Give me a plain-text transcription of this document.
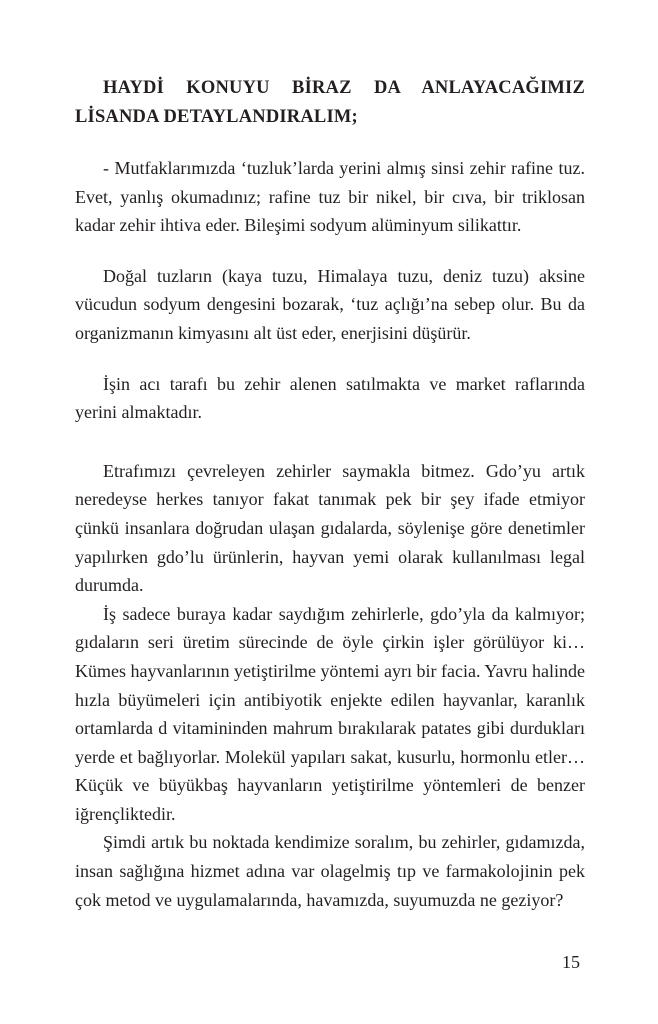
HAYDİ KONUYU BİRAZ DA ANLAYACAĞIMIZ LİSANDA DETAYLANDIRALIM;

- Mutfaklarımızda ‘tuzluk’larda yerini almış sinsi zehir rafine tuz. Evet, yanlış okumadınız; rafine tuz bir nikel, bir cıva, bir triklosan kadar zehir ihtiva eder. Bileşimi sodyum alüminyum silikattır.

Doğal tuzların (kaya tuzu, Himalaya tuzu, deniz tuzu) aksine vücudun sodyum dengesini bozarak, ‘tuz açlığı’na sebep olur. Bu da organizmanın kimyasını alt üst eder, enerjisini düşürür.

İşin acı tarafı bu zehir alenen satılmakta ve market raflarında yerini almaktadır.

Etrafımızı çevreleyen zehirler saymakla bitmez. Gdo’yu artık neredeyse herkes tanıyor fakat tanımak pek bir şey ifade etmiyor çünkü insanlara doğrudan ulaşan gıdalarda, söylenişe göre denetimler yapılırken gdo’lu ürünlerin, hayvan yemi olarak kullanılması legal durumda.

İş sadece buraya kadar saydığım zehirlerle, gdo’yla da kalmıyor; gıdaların seri üretim sürecinde de öyle çirkin işler görülüyor ki… Kümes hayvanlarının yetiştirilme yöntemi ayrı bir facia. Yavru halinde hızla büyümeleri için antibiyotik enjekte edilen hayvanlar, karanlık ortamlarda d vitamininden mahrum bırakılarak patates gibi durdukları yerde et bağlıyorlar. Molekül yapıları sakat, kusurlu, hormonlu etler… Küçük ve büyükbaş hayvanların yetiştirilme yöntemleri de benzer iğrençliktedir.

Şimdi artık bu noktada kendimize soralım, bu zehirler, gıdamızda, insan sağlığına hizmet adına var olagelmiş tıp ve farmakolojinin pek çok metod ve uygulamalarında, havamızda, suyumuzda ne geziyor?

15
